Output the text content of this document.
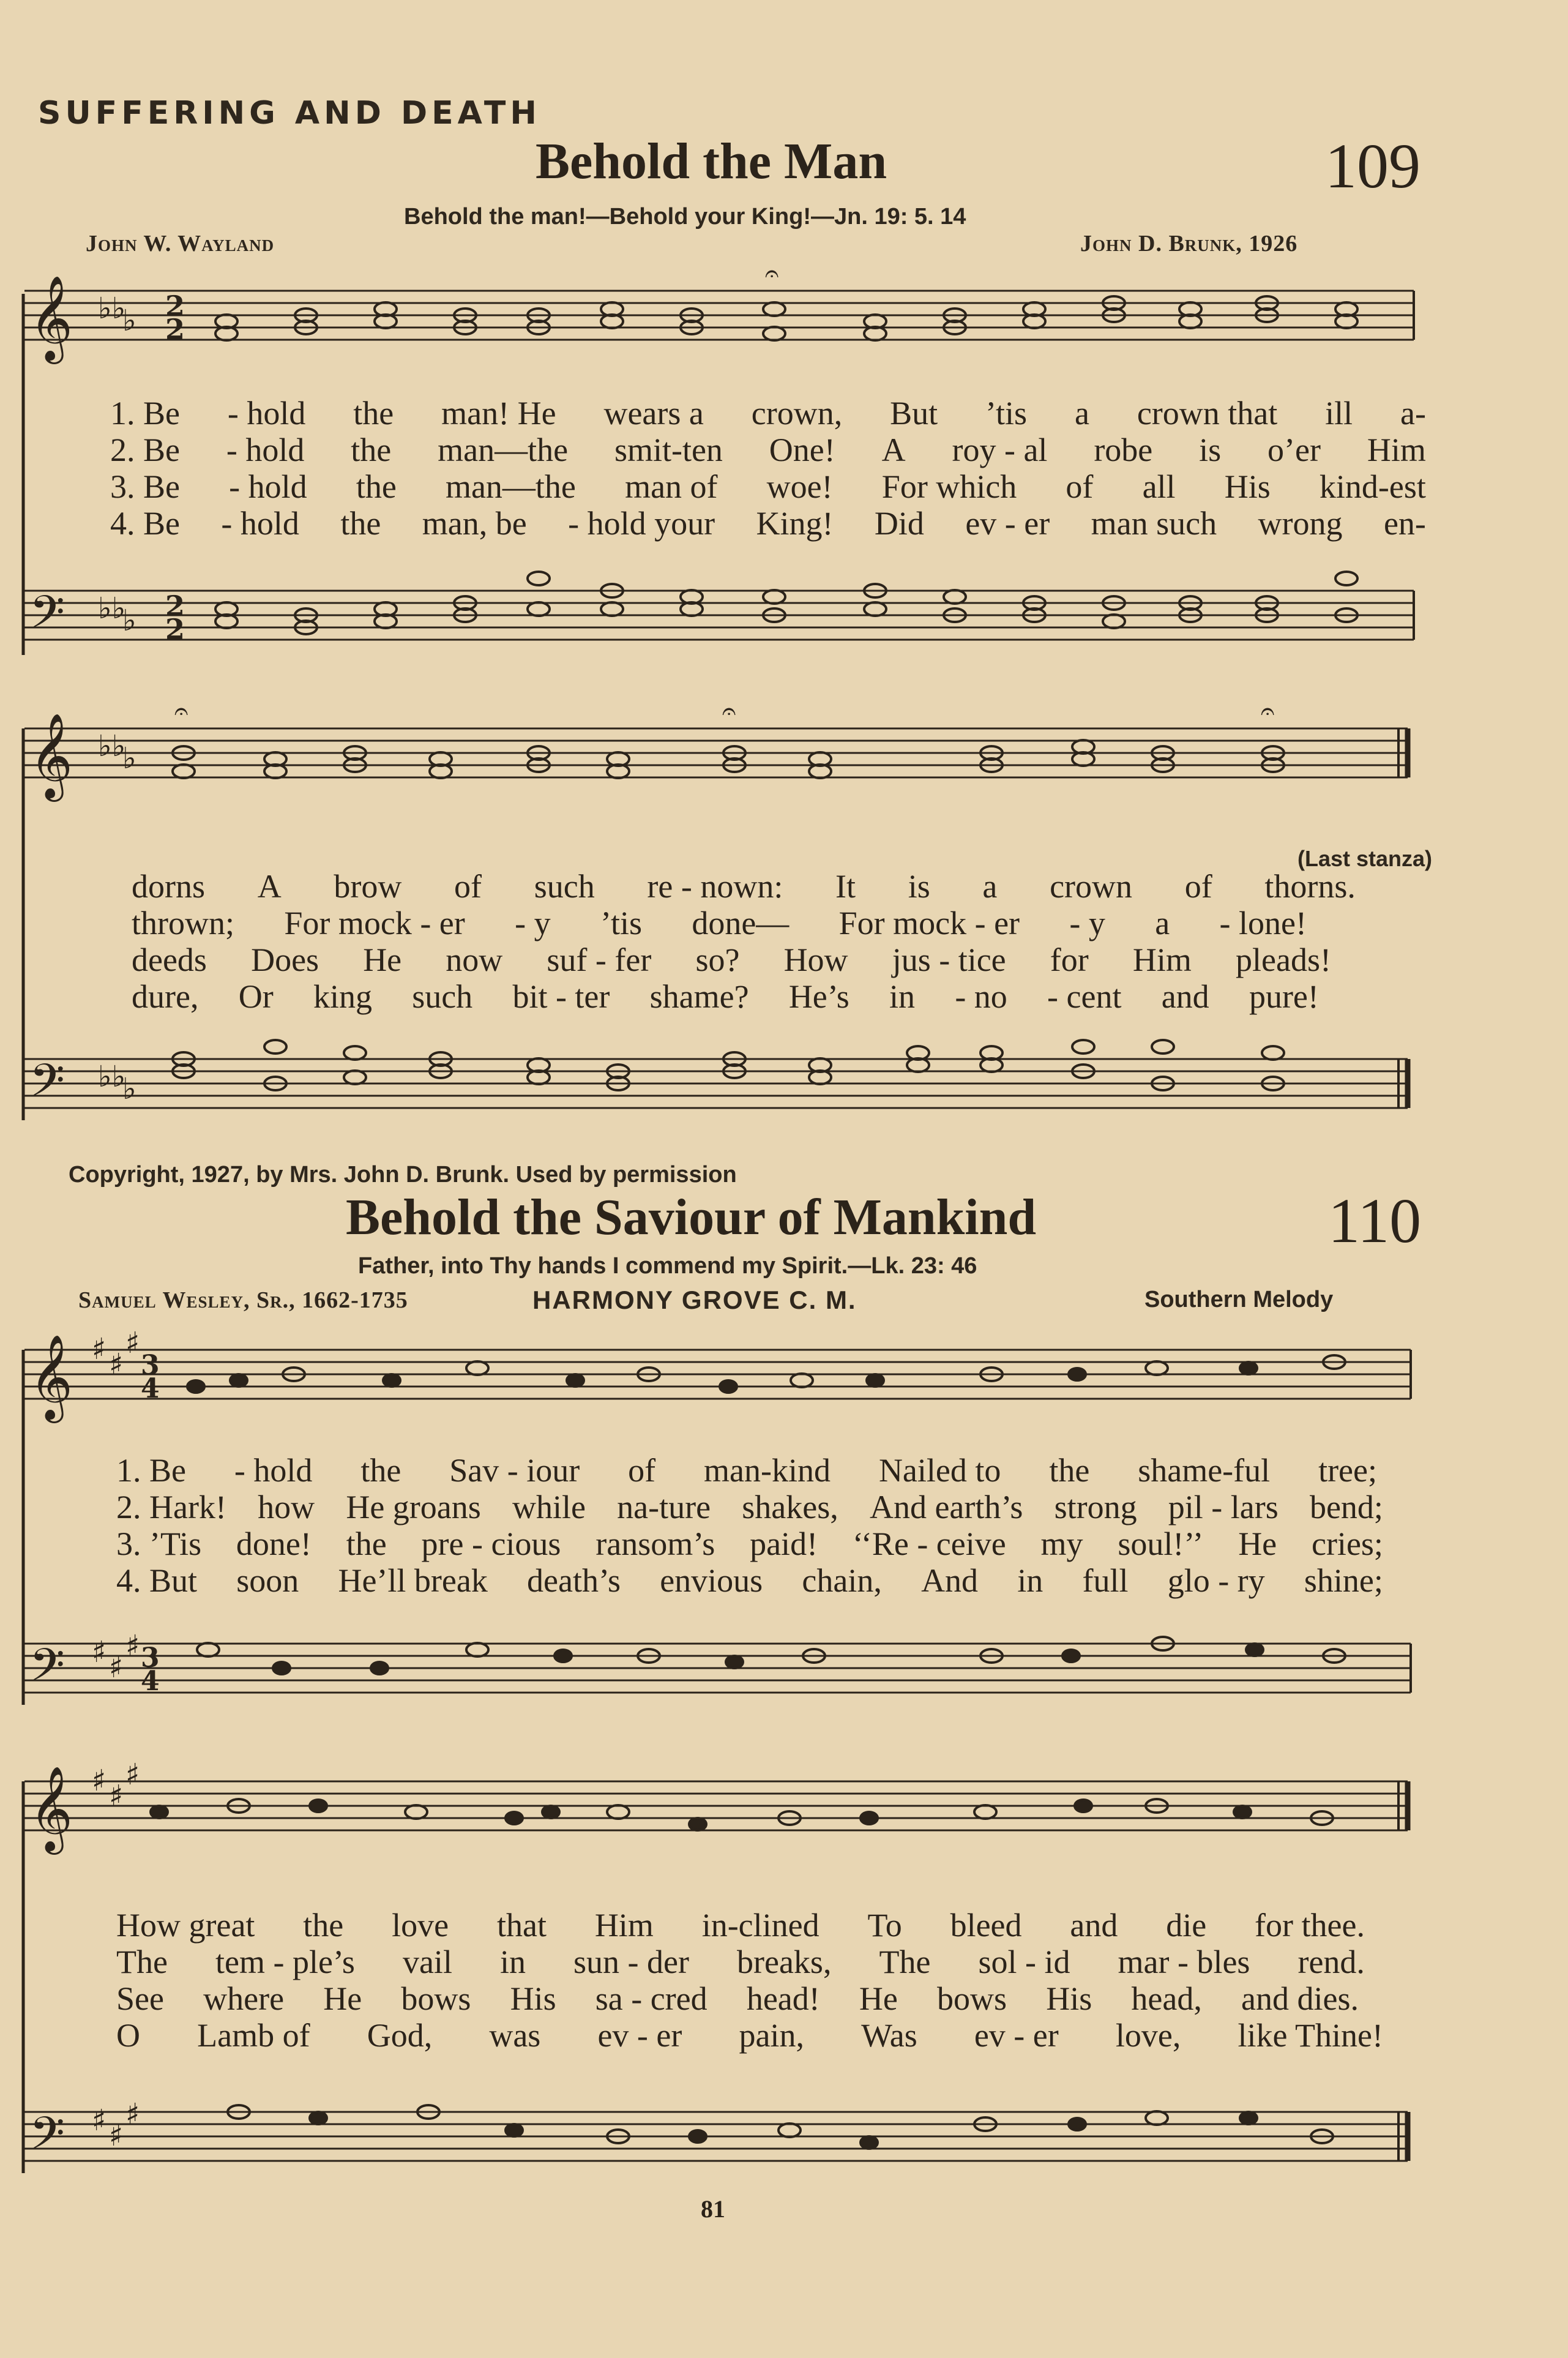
SUFFERING AND DEATH
Behold the Man	109
Behold the man!—Behold your King!—Jn. 19: 5. 14
John W. Wayland	John D. Brunk, 1926
𝄞
𝄢
♭♭
♭ 2
2
♭♭
♭ 2
2
𝄐
1. Be - hold the man! He wears a crown, But ’tis a crown that ill a-
2. Be - hold the man—the smit-ten One! A roy - al robe is o’er Him
3. Be - hold the man—the man of woe! For which of all His kind-est
4. Be - hold the man, be - hold your King! Did ev - er man such wrong en-
𝄞
𝄢
♭♭
♭
♭♭
♭
𝄐	𝄐	𝄐
(Last stanza)
dorns A brow of such re - nown: It is a crown of thorns.
thrown; For mock - er - y ’tis done— For mock - er - y a - lone!
deeds Does He now suf - fer so? How jus - tice for Him pleads!
dure, Or king such bit - ter shame? He’s in - no - cent and pure!
Copyright, 1927, by Mrs. John D. Brunk. Used by permission
Behold the Saviour of Mankind	110
Father, into Thy hands I commend my Spirit.—Lk. 23: 46
Samuel Wesley, Sr., 1662-1735	HARMONY GROVE C. M.	Southern Melody
𝄞
𝄢
♯ ♯
♯
3
4
♯ ♯
♯ 3
4
1. Be - hold the Sav - iour of man-kind Nailed to the shame-ful tree;
2. Hark! how He groans while na-ture shakes, And earth’s strong pil - lars bend;
3. ’Tis done! the pre - cious ransom’s paid! ‘‘Re - ceive my soul!’’ He cries;
4. But soon He’ll break death’s envious chain, And in full glo - ry shine;
𝄞
𝄢
♯ ♯
♯
♯ ♯
♯
How great the love that Him in-clined To bleed and die for thee.
The tem - ple’s vail in sun - der breaks, The sol - id mar - bles rend.
See where He bows His sa - cred head! He bows His head, and dies.
O Lamb of God, was ev - er pain, Was ev - er love, like Thine!
81
